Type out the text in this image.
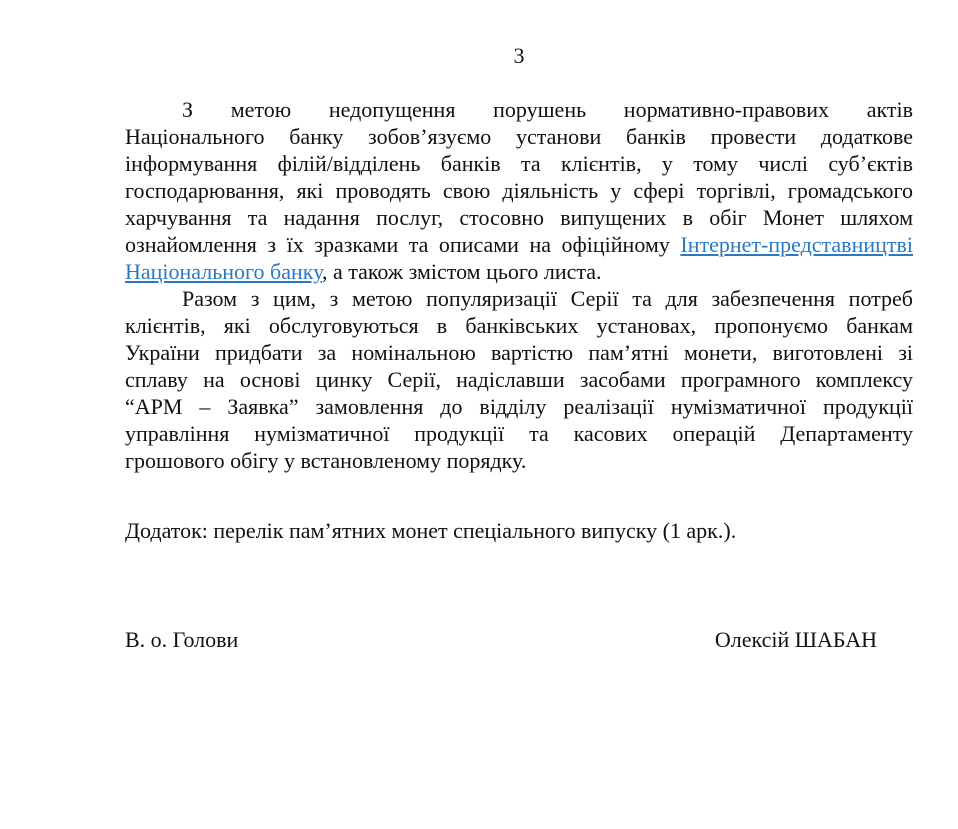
3
З метою недопущення порушень нормативно-правових актів
Національного банку зобов’язуємо установи банків провести додаткове
інформування філій/відділень банків та клієнтів, у тому числі суб’єктів
господарювання, які проводять свою діяльність у сфері торгівлі, громадського
харчування та надання послуг, стосовно випущених в обіг Монет шляхом
ознайомлення з їх зразками та описами на офіційному Інтернет-представництві
Національного банку, а також змістом цього листа.
Разом з цим, з метою популяризації Серії та для забезпечення потреб
клієнтів, які обслуговуються в банківських установах, пропонуємо банкам
України придбати за номінальною вартістю пам’ятні монети, виготовлені зі
сплаву на основі цинку Серії, надіславши засобами програмного комплексу
“АРМ – Заявка” замовлення до відділу реалізації нумізматичної продукції
управління нумізматичної продукції та касових операцій Департаменту
грошового обігу у встановленому порядку.
Додаток: перелік пам’ятних монет спеціального випуску (1 арк.).
В. о. Голови	Олексій ШАБАН
